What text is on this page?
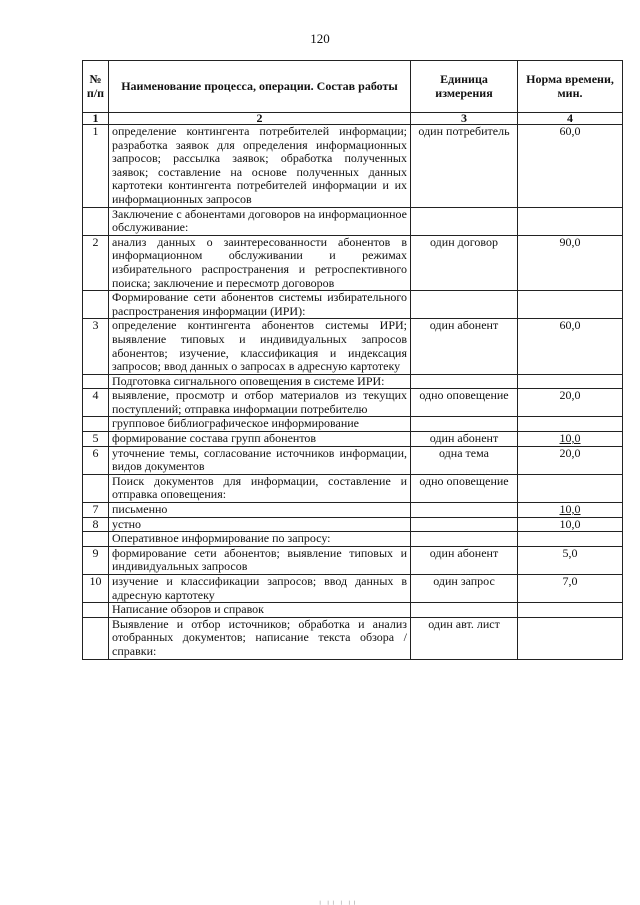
120
№ п/п	Наименование процесса, операции. Состав работы	Единица измерения	Норма времени, мин.
1	2	3	4
1	определение контингента потребителей информации; разработка заявок для определения информационных запросов; рассылка заявок; обработка полученных заявок; составление на основе полученных данных картотеки контингента потребителей информации и их информационных запросов	один потребитель	60,0
	Заключение с абонентами договоров на информационное обслуживание:		
2	анализ данных о заинтересованности абонентов в информационном обслуживании и режимах избирательного распространения и ретроспективного поиска; заключение и пересмотр договоров	один договор	90,0
	Формирование сети абонентов системы избирательного распространения информации (ИРИ):		
3	определение контингента абонентов системы ИРИ; выявление типовых и индивидуальных запросов абонентов; изучение, классификация и индексация запросов; ввод данных о запросах в адресную картотеку	один абонент	60,0
	Подготовка сигнального оповещения в системе ИРИ:		
4	выявление, просмотр и отбор материалов из текущих поступлений; отправка информации потребителю	одно оповещение	20,0
	групповое библиографическое информирование		
5	формирование состава групп абонентов	один абонент	10,0
6	уточнение темы, согласование источников информации, видов документов	одна тема	20,0
	Поиск документов для информации, составление и отправка оповещения:	одно оповещение	
7	письменно		10,0
8	устно		10,0
	Оперативное информирование по запросу:		
9	формирование сети абонентов; выявление типовых и индивидуальных запросов	один абонент	5,0
10	изучение и классификации запросов; ввод данных в адресную картотеку	один запрос	7,0
	Написание обзоров и справок		
	Выявление и отбор источников; обработка и анализ отобранных документов; написание текста обзора / справки:	один авт. лист	
╷ ╷╷ ╷ ╷╷
